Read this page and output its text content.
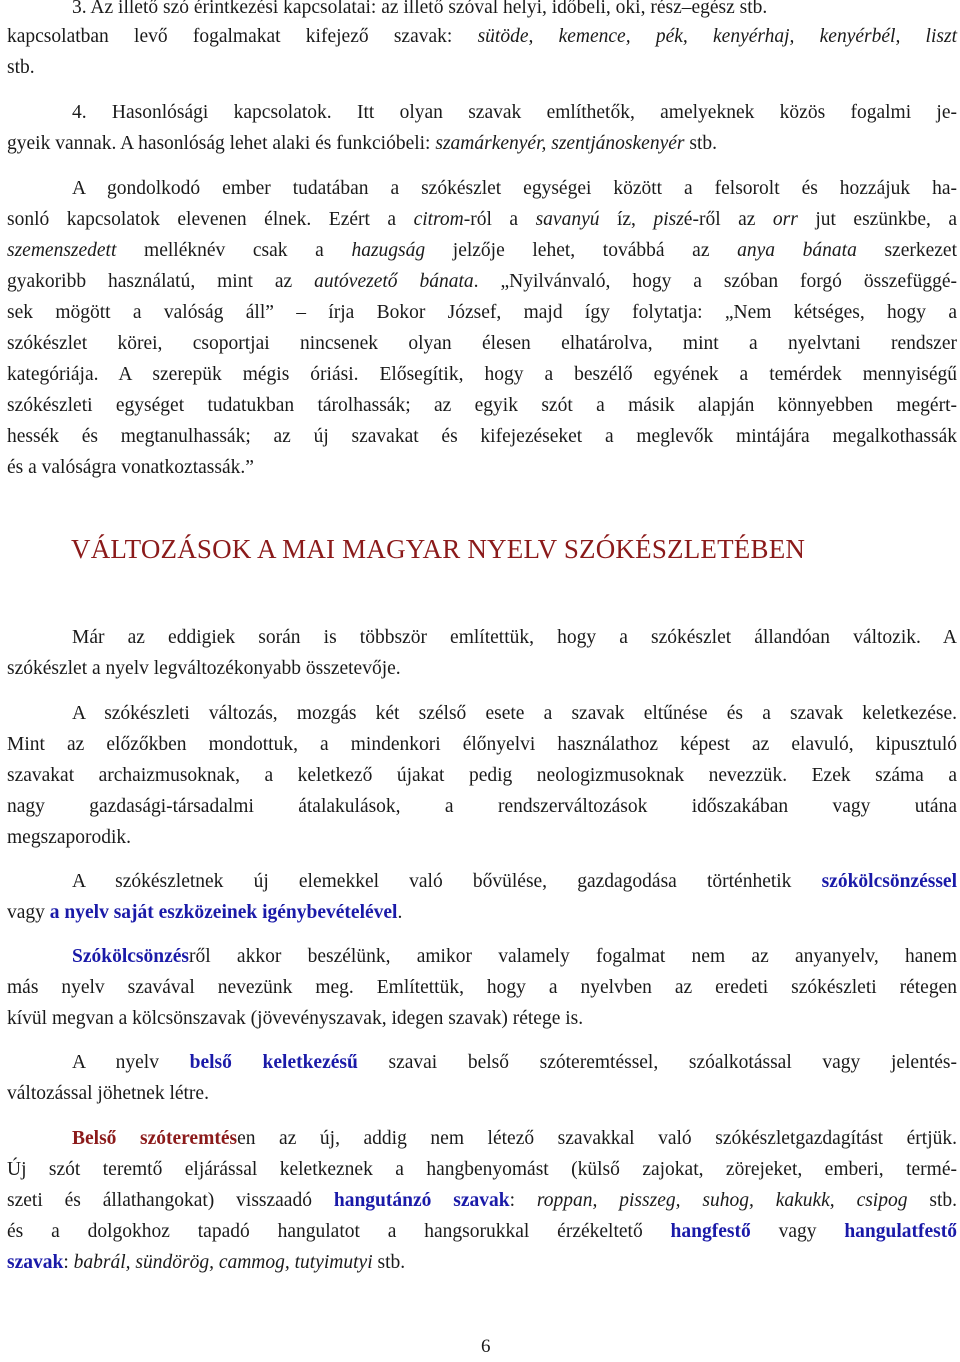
3. Az illető szó érintkezési kapcsolatai: az illető szóval helyi, időbeli, oki, rész–egész stb.
kapcsolatban levő fogalmakat kifejező szavak: sütöde, kemence, pék, kenyérhaj, kenyérbél, liszt
stb.
4. Hasonlósági kapcsolatok. Itt olyan szavak említhetők, amelyeknek közös fogalmi je-
gyeik vannak. A hasonlóság lehet alaki és funkcióbeli: szamárkenyér, szentjánoskenyér stb.
A gondolkodó ember tudatában a szókészlet egységei között a felsorolt és hozzájuk ha-
sonló kapcsolatok elevenen élnek. Ezért a citrom-ról a savanyú íz, piszé-ről az orr jut eszünkbe, a
szemenszedett melléknév csak a hazugság jelzője lehet, továbbá az anya bánata szerkezet
gyakoribb használatú, mint az autóvezető bánata. „Nyilvánvaló, hogy a szóban forgó összefüggé-
sek mögött a valóság áll” – írja Bokor József, majd így folytatja: „Nem kétséges, hogy a
szókészlet körei, csoportjai nincsenek olyan élesen elhatárolva, mint a nyelvtani rendszer
kategóriája. A szerepük mégis óriási. Elősegítik, hogy a beszélő egyének a temérdek mennyiségű
szókészleti egységet tudatukban tárolhassák; az egyik szót a másik alapján könnyebben megért-
hessék és megtanulhassák; az új szavakat és kifejezéseket a meglevők mintájára megalkothassák
és a valóságra vonatkoztassák.”
VÁLTOZÁSOK A MAI MAGYAR NYELV SZÓKÉSZLETÉBEN
Már az eddigiek során is többször említettük, hogy a szókészlet állandóan változik. A
szókészlet a nyelv legváltozékonyabb összetevője.
A szókészleti változás, mozgás két szélső esete a szavak eltűnése és a szavak keletkezése.
Mint az előzőkben mondottuk, a mindenkori élőnyelvi használathoz képest az elavuló, kipusztuló
szavakat archaizmusoknak, a keletkező újakat pedig neologizmusoknak nevezzük. Ezek száma a
nagy gazdasági-társadalmi átalakulások, a rendszerváltozások időszakában vagy utána
megszaporodik.
A szókészletnek új elemekkel való bővülése, gazdagodása történhetik szókölcsönzéssel
vagy a nyelv saját eszközeinek igénybevételével.
Szókölcsönzésről akkor beszélünk, amikor valamely fogalmat nem az anyanyelv, hanem
más nyelv szavával nevezünk meg. Említettük, hogy a nyelvben az eredeti szókészleti rétegen
kívül megvan a kölcsönszavak (jövevényszavak, idegen szavak) rétege is.
A nyelv belső keletkezésű szavai belső szóteremtéssel, szóalkotással vagy jelentés-
változással jöhetnek létre.
Belső szóteremtésen az új, addig nem létező szavakkal való szókészletgazdagítást értjük.
Új szót teremtő eljárással keletkeznek a hangbenyomást (külső zajokat, zörejeket, emberi, termé-
szeti és állathangokat) visszaadó hangutánzó szavak: roppan, pisszeg, suhog, kakukk, csipog stb.
és a dolgokhoz tapadó hangulatot a hangsorukkal érzékeltető hangfestő vagy hangulatfestő
szavak: babrál, sündörög, cammog, tutyimutyi stb.
6
